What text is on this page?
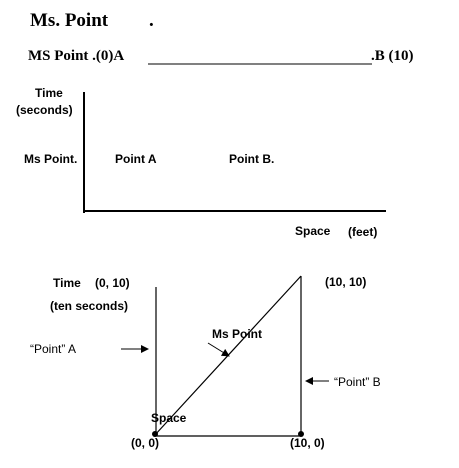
Ms. Point .
MS Point .(0)A	.B (10)
Time
(seconds)
Ms Point.	Point A	Point B.
Space (feet)
Time (0, 10)
(ten seconds)
(10, 10)
Ms Point
“Point” A
“Point” B
Space
(0, 0)	(10, 0)
